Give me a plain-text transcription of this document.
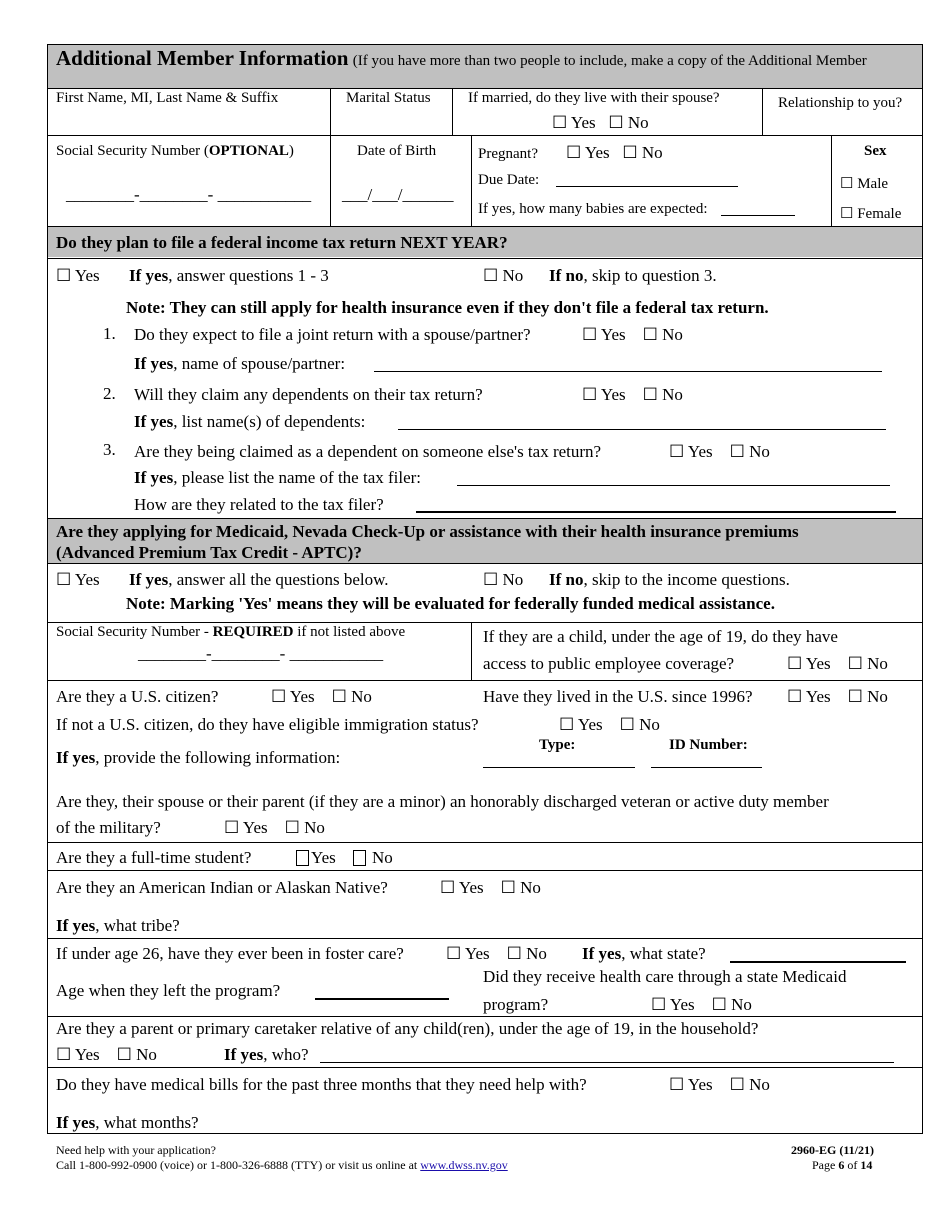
Additional Member Information (If you have more than two people to include, make a copy of the Additional Member
First Name, MI, Last Name & Suffix	Marital Status If married, do they live with their spouse?
☐ Yes ☐ No
Relationship to you?
Social Security Number (OPTIONAL)
________-________- ___________
Date of Birth
___/___/______
Pregnant? ☐ Yes ☐ No
Due Date:
If yes, how many babies are expected:
Sex
☐ Male
☐ Female
Do they plan to file a federal income tax return NEXT YEAR?
☐ Yes If yes, answer questions 1 - 3	☐ No If no, skip to question 3.
Note: They can still apply for health insurance even if they don't file a federal tax return.
1. Do they expect to file a joint return with a spouse/partner?	☐ Yes ☐ No
If yes, name of spouse/partner:
2. Will they claim any dependents on their tax return?	☐ Yes ☐ No
If yes, list name(s) of dependents:
3. Are they being claimed as a dependent on someone else's tax return?	☐ Yes ☐ No
If yes, please list the name of the tax filer:
How are they related to the tax filer?
Are they applying for Medicaid, Nevada Check-Up or assistance with their health insurance premiums
(Advanced Premium Tax Credit - APTC)?
☐ Yes If yes, answer all the questions below.	☐ No If no, skip to the income questions.
Note: Marking 'Yes' means they will be evaluated for federally funded medical assistance.
Social Security Number - REQUIRED if not listed above
________-________- ___________
If they are a child, under the age of 19, do they have
access to public employee coverage?	☐ Yes ☐ No
Are they a U.S. citizen?	☐ Yes ☐ No	Have they lived in the U.S. since 1996? ☐ Yes ☐ No
If not a U.S. citizen, do they have eligible immigration status?	☐ Yes ☐ No
If yes, provide the following information:
Type:	ID Number:
Are they, their spouse or their parent (if they are a minor) an honorably discharged veteran or active duty member
of the military?	☐ Yes ☐ No
Are they a full-time student?	Yes No
Are they an American Indian or Alaskan Native?	☐ Yes ☐ No
If yes, what tribe?
If under age 26, have they ever been in foster care? ☐ Yes ☐ No If yes, what state?
Age when they left the program?
Did they receive health care through a state Medicaid
program?	☐ Yes ☐ No
Are they a parent or primary caretaker relative of any child(ren), under the age of 19, in the household?
☐ Yes ☐ No	If yes, who?
Do they have medical bills for the past three months that they need help with?	☐ Yes ☐ No
If yes, what months?
Need help with your application?
Call 1-800-992-0900 (voice) or 1-800-326-6888 (TTY) or visit us online at www.dwss.nv.gov
2960-EG (11/21)
Page 6 of 14
